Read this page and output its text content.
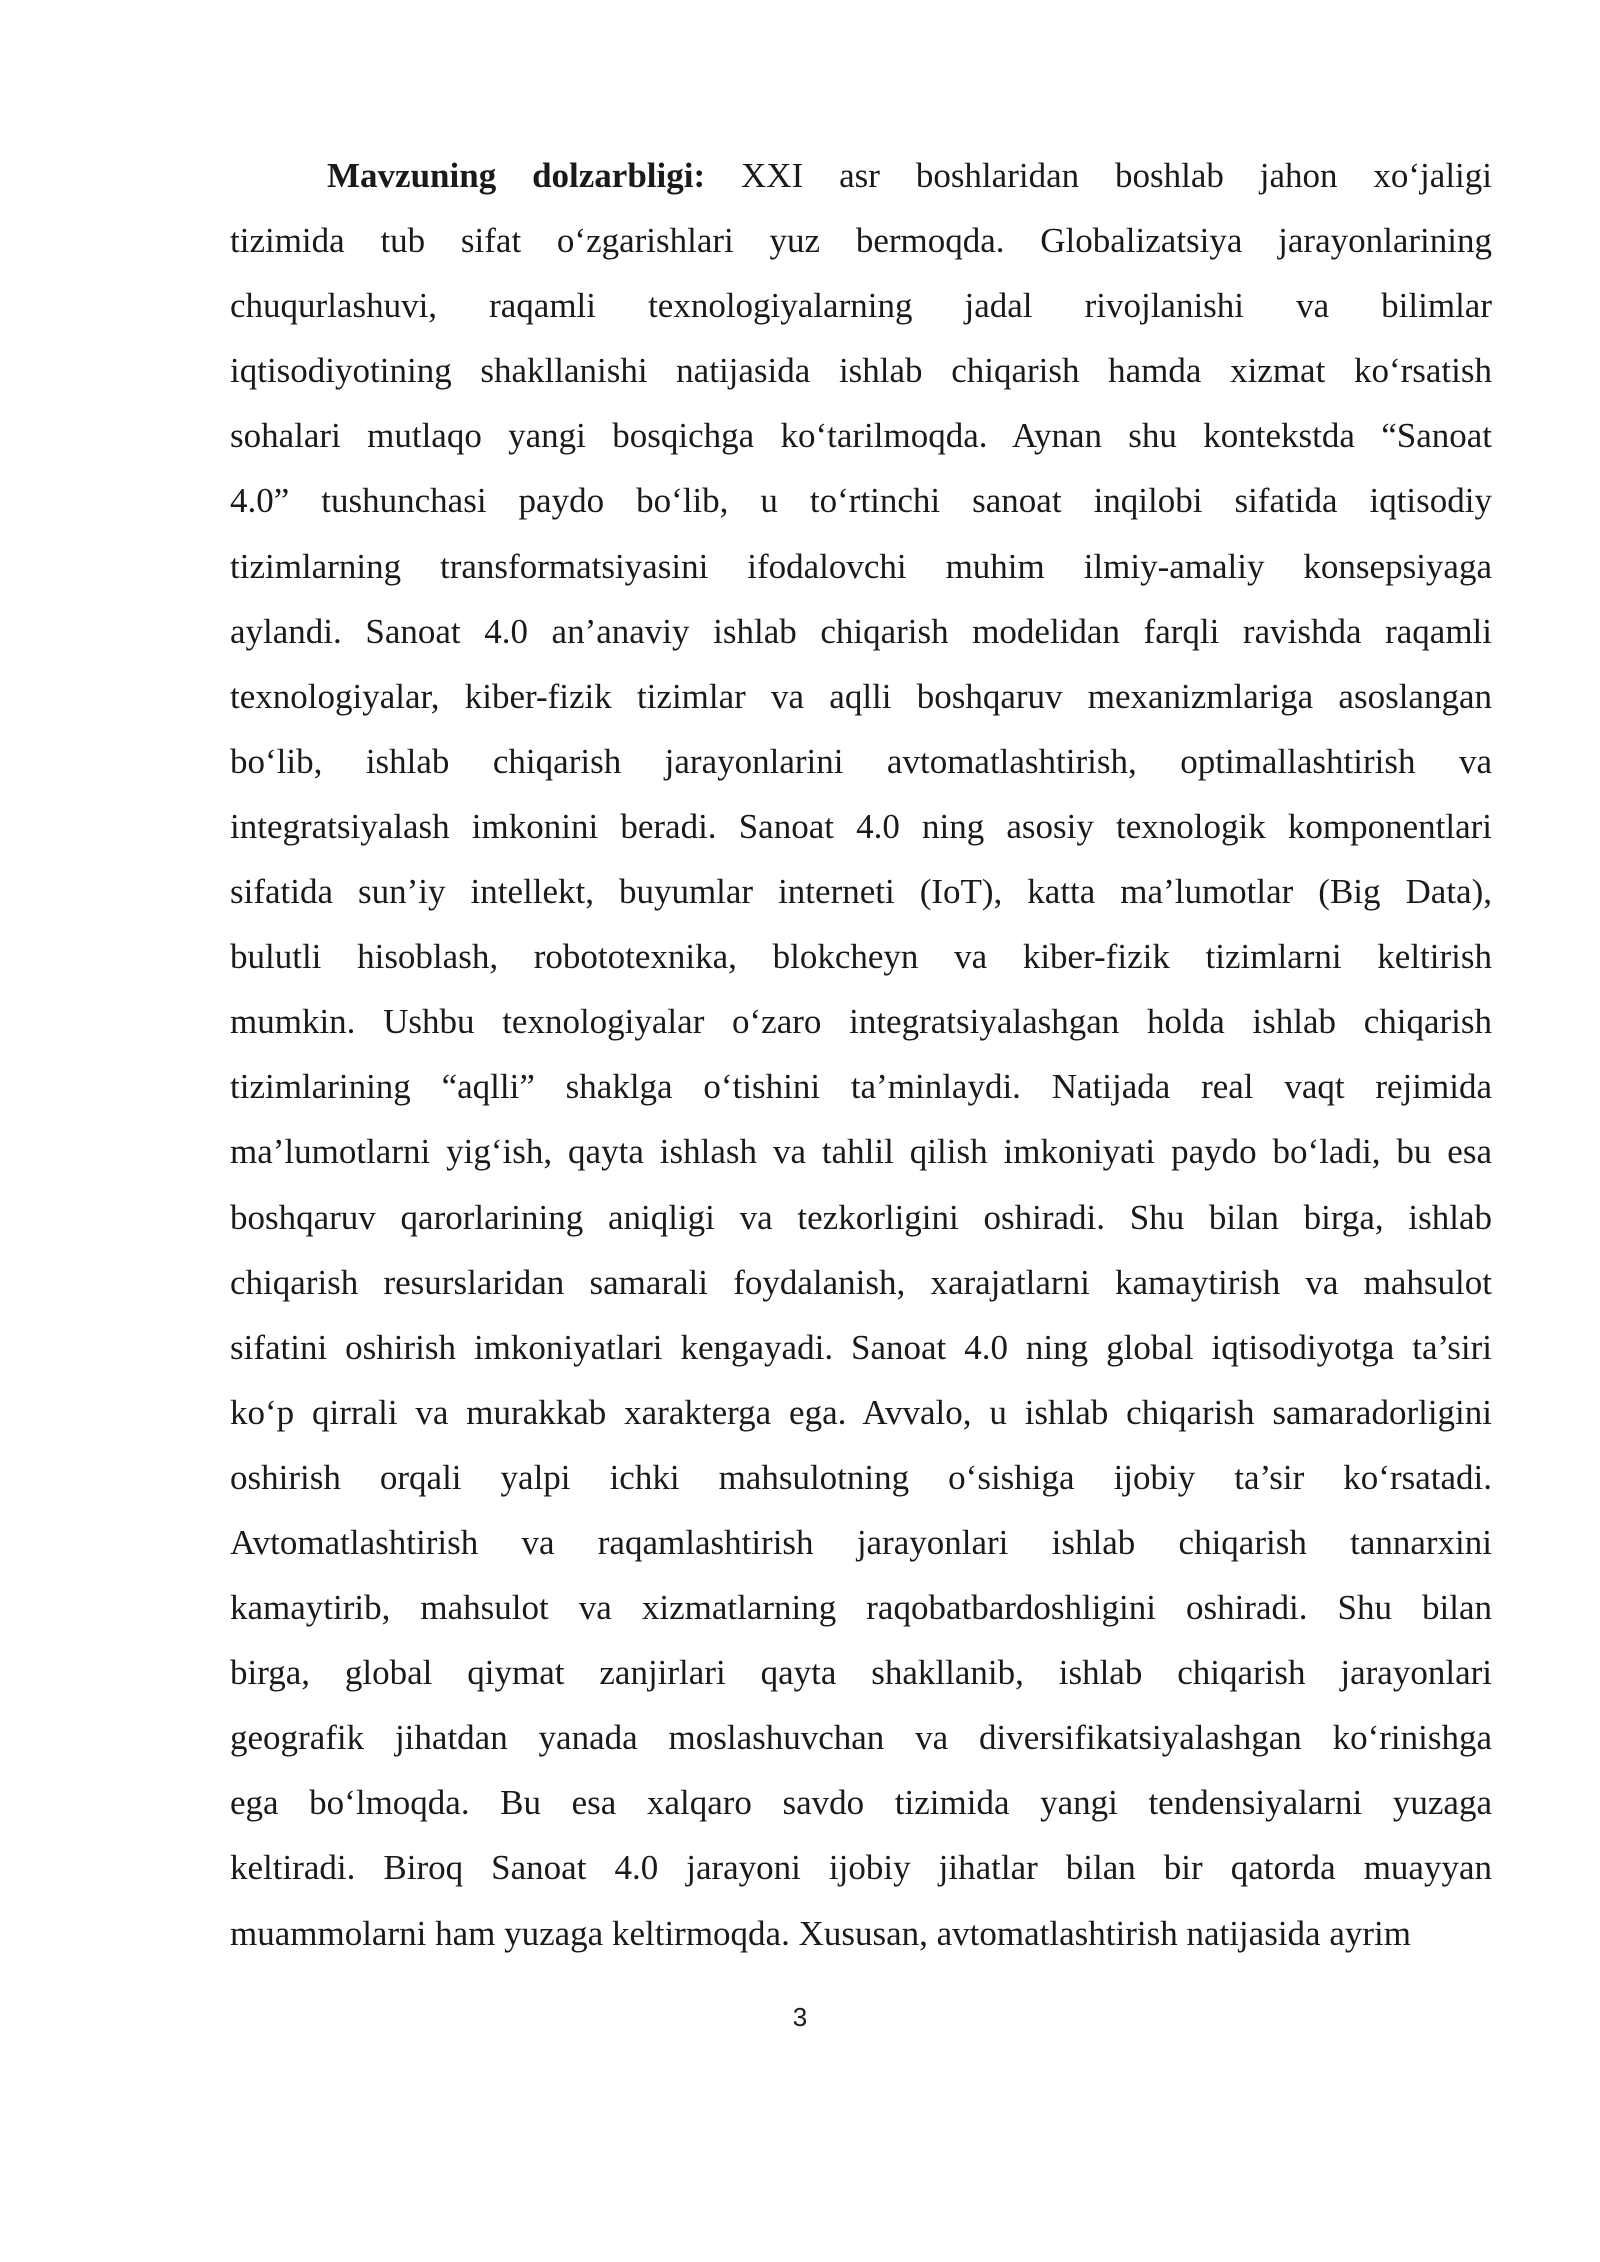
Mavzuning dolzarbligi: XXI asr boshlaridan boshlab jahon xo‘jaligi
tizimida tub sifat o‘zgarishlari yuz bermoqda. Globalizatsiya jarayonlarining
chuqurlashuvi, raqamli texnologiyalarning jadal rivojlanishi va bilimlar
iqtisodiyotining shakllanishi natijasida ishlab chiqarish hamda xizmat ko‘rsatish
sohalari mutlaqo yangi bosqichga ko‘tarilmoqda. Aynan shu kontekstda “Sanoat
4.0” tushunchasi paydo bo‘lib, u to‘rtinchi sanoat inqilobi sifatida iqtisodiy
tizimlarning transformatsiyasini ifodalovchi muhim ilmiy-amaliy konsepsiyaga
aylandi. Sanoat 4.0 an’anaviy ishlab chiqarish modelidan farqli ravishda raqamli
texnologiyalar, kiber-fizik tizimlar va aqlli boshqaruv mexanizmlariga asoslangan
bo‘lib, ishlab chiqarish jarayonlarini avtomatlashtirish, optimallashtirish va
integratsiyalash imkonini beradi. Sanoat 4.0 ning asosiy texnologik komponentlari
sifatida sun’iy intellekt, buyumlar interneti (IoT), katta ma’lumotlar (Big Data),
bulutli hisoblash, robototexnika, blokcheyn va kiber-fizik tizimlarni keltirish
mumkin. Ushbu texnologiyalar o‘zaro integratsiyalashgan holda ishlab chiqarish
tizimlarining “aqlli” shaklga o‘tishini ta’minlaydi. Natijada real vaqt rejimida
ma’lumotlarni yig‘ish, qayta ishlash va tahlil qilish imkoniyati paydo bo‘ladi, bu esa
boshqaruv qarorlarining aniqligi va tezkorligini oshiradi. Shu bilan birga, ishlab
chiqarish resurslaridan samarali foydalanish, xarajatlarni kamaytirish va mahsulot
sifatini oshirish imkoniyatlari kengayadi. Sanoat 4.0 ning global iqtisodiyotga ta’siri
ko‘p qirrali va murakkab xarakterga ega. Avvalo, u ishlab chiqarish samaradorligini
oshirish orqali yalpi ichki mahsulotning o‘sishiga ijobiy ta’sir ko‘rsatadi.
Avtomatlashtirish va raqamlashtirish jarayonlari ishlab chiqarish tannarxini
kamaytirib, mahsulot va xizmatlarning raqobatbardoshligini oshiradi. Shu bilan
birga, global qiymat zanjirlari qayta shakllanib, ishlab chiqarish jarayonlari
geografik jihatdan yanada moslashuvchan va diversifikatsiyalashgan ko‘rinishga
ega bo‘lmoqda. Bu esa xalqaro savdo tizimida yangi tendensiyalarni yuzaga
keltiradi. Biroq Sanoat 4.0 jarayoni ijobiy jihatlar bilan bir qatorda muayyan
muammolarni ham yuzaga keltirmoqda. Xususan, avtomatlashtirish natijasida ayrim
3
